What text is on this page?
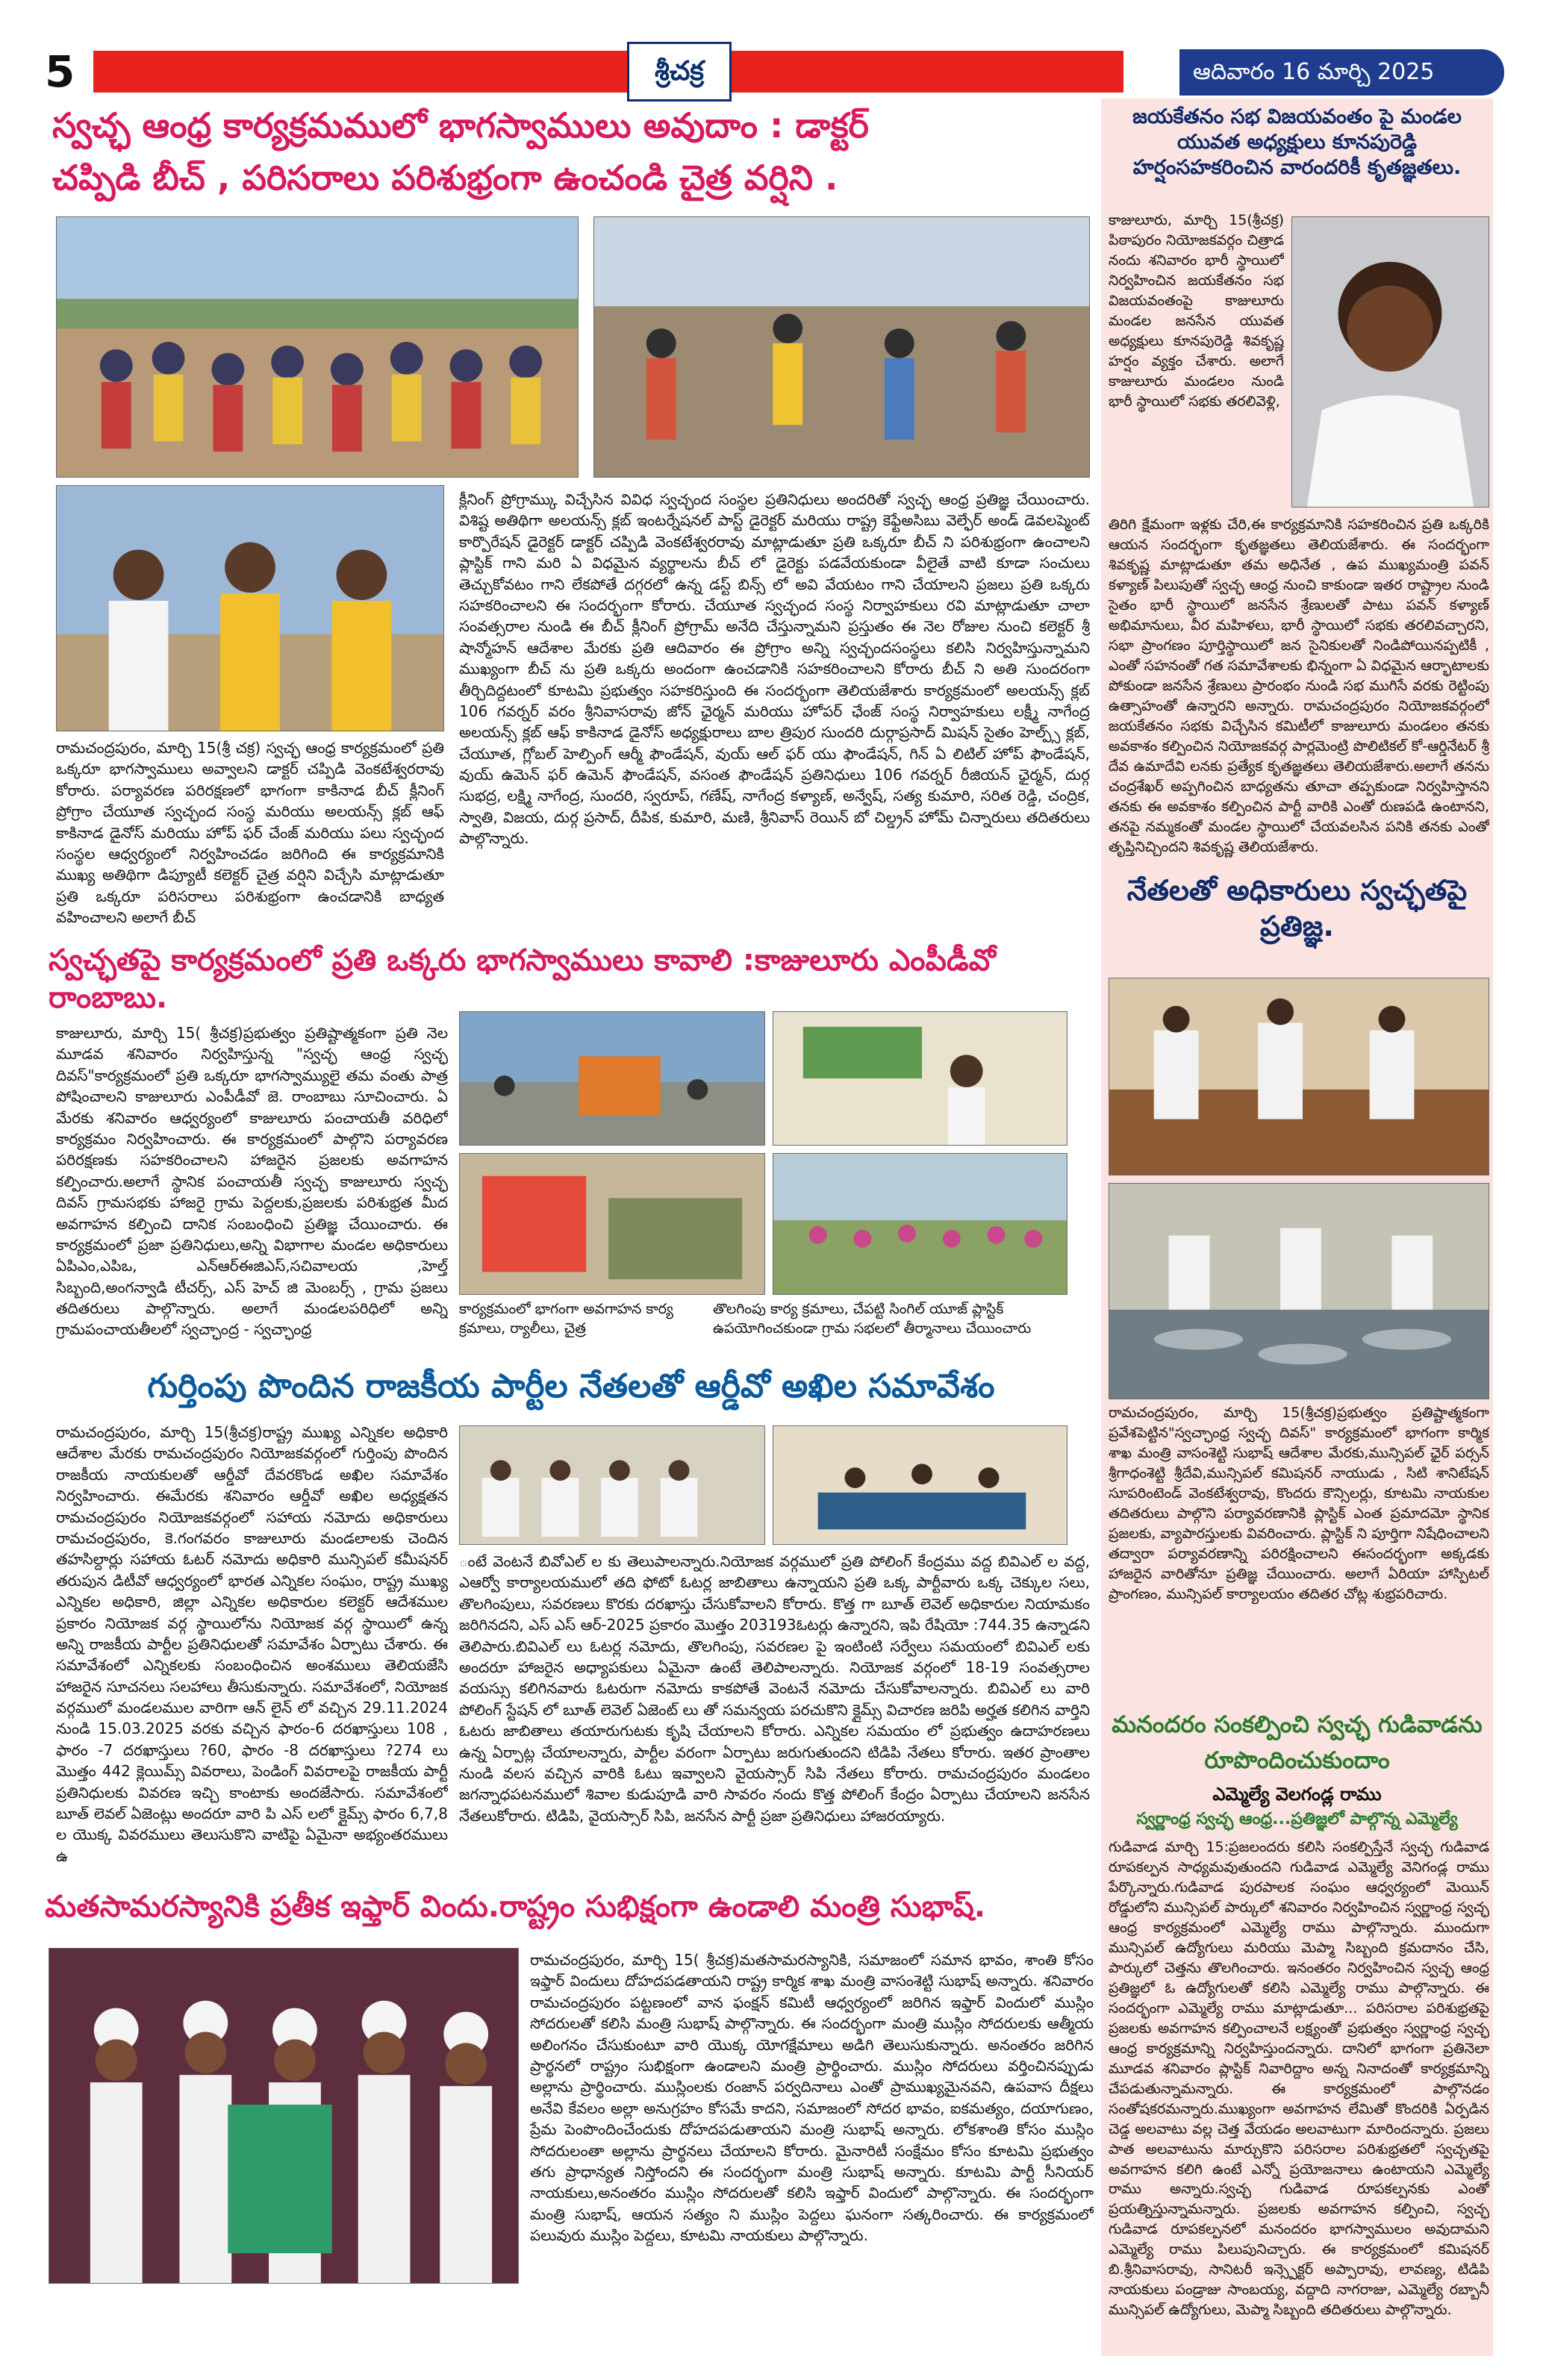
5	శ్రీచక్ర	ఆదివారం 16 మార్చి 2025
స్వచ్ఛ ఆంధ్ర కార్యక్రమములో భాగస్వాములు అవుదాం : డాక్టర్
చప్పిడి బీచ్ , పరిసరాలు పరిశుభ్రంగా ఉంచండి చైత్ర వర్షిని .
రామచంద్రపురం, మార్చి 15(శ్రీ చక్ర) స్వచ్ఛ ఆంధ్ర కార్యక్రమంలో ప్రతి ఒక్కరూ భాగస్వాములు అవ్వాలని డాక్టర్ చప్పిడి వెంకటేశ్వరరావు కోరారు. పర్యావరణ పరిరక్షణలో భాగంగా కాకినాడ బీచ్ క్లీనింగ్ ప్రోగ్రాం చేయూత స్వచ్ఛంద సంస్థ మరియు అలయన్స్ క్లబ్ ఆఫ్ కాకినాడ డైనోస్ మరియు హోప్ ఫర్ చేంజ్ మరియు పలు స్వచ్ఛంద సంస్థల ఆధ్వర్యంలో నిర్వహించడం జరిగింది ఈ కార్యక్రమానికి ముఖ్య అతిథిగా డిప్యూటీ కలెక్టర్ చైత్ర వర్షిని విచ్చేసి మాట్లాడుతూ ప్రతి ఒక్కరూ పరిసరాలు పరిశుభ్రంగా ఉంచడానికి బాధ్యత వహించాలని అలాగే బీచ్
క్లీనింగ్ ప్రోగ్రామ్కు విచ్చేసిన వివిధ స్వచ్ఛంద సంస్థల ప్రతినిధులు అందరితో స్వచ్ఛ ఆంధ్ర ప్రతిజ్ఞ చేయించారు. విశిష్ట అతిథిగా అలయన్స్ క్లబ్ ఇంటర్నేషనల్ పాస్ట్ డైరెక్టర్ మరియు రాష్ట్ర కెఫ్టేఅసిబు వెల్ఫేర్ అండ్ డెవలప్మెంట్ కార్పొరేషన్ డైరెక్టర్ డాక్టర్ చప్పిడి వెంకటేశ్వరరావు మాట్లాడుతూ ప్రతి ఒక్కరూ బీచ్ ని పరిశుభ్రంగా ఉంచాలని ప్లాస్టిక్ గాని మరి ఏ విధమైన వ్యర్థాలను బీచ్ లో డైరెక్టు పడవేయకుండా వీలైతే వాటి కూడా సంచులు తెచ్చుకోవటం గాని లేకపోతే దగ్గరలో ఉన్న డస్ట్ బిన్స్ లో అవి వేయటం గాని చేయాలని ప్రజలు ప్రతి ఒక్కరు సహకరించాలని ఈ సందర్భంగా కోరారు. చేయూత స్వచ్ఛంద సంస్థ నిర్వాహకులు రవి మాట్లాడుతూ చాలా సంవత్సరాల నుండి ఈ బీచ్ క్లీనింగ్ ప్రోగ్రామ్ అనేది చేస్తున్నామని ప్రస్తుతం ఈ నెల రోజుల నుంచి కలెక్టర్ శ్రీ షాన్మోహన్ ఆదేశాల మేరకు ప్రతి ఆదివారం ఈ ప్రోగ్రాం అన్ని స్వచ్ఛందసంస్థలు కలిసి నిర్వహిస్తున్నామని ముఖ్యంగా బీచ్ ను ప్రతి ఒక్కరు అందంగా ఉంచడానికి సహకరించాలని కోరారు బీచ్ ని అతి సుందరంగా తీర్చిదిద్దటంలో కూటమి ప్రభుత్వం సహకరిస్తుంది ఈ సందర్భంగా తెలియజేశారు కార్యక్రమంలో అలయన్స్ క్లబ్ 106 గవర్నర్ వరం శ్రీనివాసరావు జోన్ ఛైర్మన్ మరియు హోపర్ ఛేంజ్ సంస్థ నిర్వాహకులు లక్ష్మీ నాగేంద్ర అలయన్స్ క్లబ్ ఆఫ్ కాకినాడ డైనోస్ అధ్యక్షురాలు బాల త్రిపుర సుందరి దుర్గాప్రసాద్ మిషన్ సైతం హెల్ప్స్ క్లబ్, చేయూత, గ్లోబల్ హెల్పింగ్ ఆర్మీ ఫౌండేషన్, వుయ్ ఆల్ ఫర్ యు ఫౌండేషన్, గిన్ ఏ లిటిల్ హోప్ ఫౌండేషన్, వుయ్ ఉమెన్ ఫర్ ఉమెన్ ఫౌండేషన్, వసంత ఫౌండేషన్ ప్రతినిధులు 106 గవర్నర్ రీజియన్ ఛైర్మన్, దుర్గ సుభద్ర, లక్ష్మి నాగేంద్ర, సుందరి, స్వరూప్, గణేష్, నాగేంద్ర కళ్యాణ్, అన్వేష్, సత్య కుమారి, సరిత రెడ్డి, చంద్రిక, స్వాతి, విజయ, దుర్గ ప్రసాద్, దీపిక, కుమారి, మణి, శ్రీనివాస్ రెయిన్ బో చిల్డ్రన్ హోమ్ చిన్నారులు తదితరులు పాల్గొన్నారు.
స్వచ్ఛతపై కార్యక్రమంలో ప్రతి ఒక్కరు భాగస్వాములు కావాలి :కాజులూరు ఎంపీడీవో రాంబాబు.
కాజులూరు, మార్చి 15( శ్రీచక్ర)ప్రభుత్వం ప్రతిష్టాత్మకంగా ప్రతి నెల మూడవ శనివారం నిర్వహిస్తున్న "స్వచ్ఛ ఆంధ్ర స్వచ్ఛ దివస్"కార్యక్రమంలో ప్రతి ఒక్కరూ భాగస్వామ్యులై తమ వంతు పాత్ర పోషించాలని కాజులూరు ఎంపీడీవో జె. రాంబాబు సూచించారు. ఏ మేరకు శనివారం ఆధ్వర్యంలో కాజులూరు పంచాయతీ వరిధిలో కార్యక్రమం నిర్వహించారు. ఈ కార్యక్రమంలో పాల్గొని పర్యావరణ పరిరక్షణకు సహకరించాలని హాజరైన ప్రజలకు అవగాహన కల్పించారు.అలాగే స్థానిక పంచాయతీ స్వచ్ఛ కాజులూరు స్వచ్ఛ దివస్ గ్రామసభకు హాజరై గ్రామ పెద్దలకు,ప్రజలకు పరిశుభ్రత మీద అవగాహన కల్పించి దానిక సంబంధించి ప్రతిజ్ఞ చేయించారు. ఈ కార్యక్రమంలో ప్రజా ప్రతినిధులు,అన్ని విభాగాల మండల అధికారులు ఏపిఎం,ఎపిఒ, ఎన్ఆర్ఈజిఎస్,సచివాలయ ,హెల్త్ సిబ్బంది,అంగన్వాడి టీచర్స్, ఎస్ హెచ్ జి మెంబర్స్ , గ్రామ ప్రజలు తదితరులు పాల్గొన్నారు. అలాగే మండలపరిధిలో అన్ని గ్రామపంచాయతీలలో స్వచ్ఛాంద్ర - స్వచ్ఛాంధ్ర
కార్యక్రమంలో భాగంగా అవగాహన కార్య క్రమాలు, ర్యాలీలు, చైత్ర
తొలగింపు కార్య క్రమాలు, చేపట్టి సింగిల్ యూజ్ ప్లాస్టిక్ ఉపయోగించకుండా గ్రామ సభలలో తీర్మానాలు చేయించారు
గుర్తింపు పొందిన రాజకీయ పార్టీల నేతలతో ఆర్డీవో అఖిల సమావేశం
రామచంద్రపురం, మార్చి 15(శ్రీచక్ర)రాష్ట్ర ముఖ్య ఎన్నికల అధికారి ఆదేశాల మేరకు రామచంద్రపురం నియోజకవర్గంలో గుర్తింపు పొందిన రాజకీయ నాయకులతో ఆర్డీవో దేవరకొండ అఖిల సమావేశం నిర్వహించారు. ఈమేరకు శనివారం ఆర్డీవో అఖిల అధ్యక్షతన రామచంద్రపురం నియోజకవర్గంలో సహాయ నమోదు అధికారులు రామచంద్రపురం, కె.గంగవరం కాజులూరు మండలాలకు చెందిన తహసిల్దార్లు సహాయ ఓటర్ నమోదు అధికారి మున్సిపల్ కమీషనర్ తరుపున డిటీవో ఆధ్వర్యంలో భారత ఎన్నికల సంఘం, రాష్ట్ర ముఖ్య ఎన్నికల అధికారి, జిల్లా ఎన్నికల అధికారుల కలెక్టర్ ఆదేశముల ప్రకారం నియోజక వర్గ స్థాయిలోను నియోజక వర్గ స్థాయిలో ఉన్న అన్ని రాజకీయ పార్టీల ప్రతినిధులతో సమావేశం ఏర్పాటు చేశారు. ఈ సమావేశంలో ఎన్నికలకు సంబంధించిన అంశములు తెలియజేసి హాజరైన సూచనలు సలహాలు తీసుకున్నారు. సమావేశంలో, నియోజక వర్గములో మండలముల వారిగా ఆన్ లైన్ లో వచ్చిన 29.11.2024 నుండి 15.03.2025 వరకు వచ్చిన ఫారం-6 దరఖాస్తులు 108 , ఫారం -7 దరఖాస్తులు ?60, ఫారం -8 దరఖాస్తులు ?274 లు మొత్తం 442 క్లెయిమ్స్ వివరాలు, పెండింగ్ వివరాలపై రాజకీయ పార్టీ ప్రతినిధులకు వివరణ ఇచ్చి కాంటాకు అందజేసారు. సమావేశంలో బూత్ లెవల్ ఏజెంట్లు అందరూ వారి పి ఎస్ లలో క్లైమ్స్ ఫారం 6,7,8 ల యొక్క వివరములు తెలుసుకొని వాటిపై ఏమైనా అభ్యంతరములు ఉ
ంటే వెంటనే బివోఎల్ ల కు తెలుపాలన్నారు.నియోజక వర్గములో ప్రతి పోలింగ్ కేంద్రము వద్ద బివిఎల్ ల వద్ద, ఎఆర్వో కార్యాలయములో తది ఫోటో ఓటర్ల జాబితాలు ఉన్నాయని ప్రతి ఒక్క పార్టీవారు ఒక్క చెక్కుల సలు, తొలగింపులు, సవరణలు కొరకు దరఖాస్తు చేసుకోవాలని కోరారు. కొత్త గా బూత్ లెవెల్ అధికారుల నియామకం జరిగినదని, ఎస్ ఎస్ ఆర్-2025 ప్రకారం మొత్తం 203193ఓటర్లు ఉన్నారని, ఇపి రేషియో :744.35 ఉన్నాడని తెలిపారు.బివిఎల్ లు ఓటర్ల నమోదు, తొలగింపు, సవరణల పై ఇంటింటి సర్వేలు సమయంలో బివిఎల్ లకు అందరూ హాజరైన అధ్యాపకులు ఏమైనా ఉంటే తెలిపాలన్నారు. నియోజక వర్గంలో 18-19 సంవత్సరాల వయస్సు కలిగినవారు ఓటరుగా నమోదు కాకపోతే వెంటనే నమోదు చేసుకోవాలన్నారు. బివిఎల్ లు వారి పోలింగ్ స్టేషన్ లో బూత్ లెవెల్ ఏజెంట్ లు తో సమన్వయ పరచుకొని క్లైమ్స్ విచారణ జరిపి అర్హత కలిగిన వార్తిని ఓటరు జాబితాలు తయారుగుటకు కృషి చేయాలని కోరారు. ఎన్నికల సమయం లో ప్రభుత్వం ఉదాహరణలు ఉన్న ఏర్పాట్ల చేయాలన్నారు, పార్టీల వరంగా ఏర్పాటు జరుగుతుందని టిడిపి నేతలు కోరారు. ఇతర ప్రాంతాల నుండి వలస వచ్చిన వారికి ఓటు ఇవ్వాలని వైయస్సార్ సిపి నేతలు కోరారు. రామచంద్రపురం మండలం జగన్నాధపటనములో శివాల కుడుపూడి వారి సావరం నందు కొత్త పోలింగ్ కేంద్రం ఏర్పాటు చేయాలని జనసేన నేతలుకోరారు. టిడిపి, వైయస్సార్ సిపి, జనసేన పార్టీ ప్రజా ప్రతినిధులు హాజరయ్యారు.
మతసామరస్యానికి ప్రతీక ఇఫ్తార్ విందు.రాష్ట్రం సుభిక్షంగా ఉండాలి మంత్రి సుభాష్.
రామచంద్రపురం, మార్చి 15( శ్రీచక్ర)మతసామరస్యానికి, సమాజంలో సమాన భావం, శాంతి కోసం ఇఫ్తార్ విందులు దోహదపడతాయని రాష్ట్ర కార్మిక శాఖ మంత్రి వాసంశెట్టి సుభాష్ అన్నారు. శనివారం రామచంద్రపురం పట్టణంలో వాన ఫంక్షన్ కమిటీ ఆధ్వర్యంలో జరిగిన ఇఫ్తార్ విందులో ముస్లిం సోదరులతో కలిసి మంత్రి సుభాష్ పాల్గొన్నారు. ఈ సందర్భంగా మంత్రి ముస్లిం సోదరులకు ఆత్మీయ అలింగనం చేసుకుంటూ వారి యొక్క యోగక్షేమాలు అడిగి తెలుసుకున్నారు. అనంతరం జరిగిన ప్రార్థనలో రాష్ట్రం సుభిక్షంగా ఉండాలని మంత్రి ప్రార్థించారు. ముస్లిం సోదరులు వర్తించినప్పుడు అల్లాను ప్రార్థించారు. ముస్లింలకు రంజాన్ పర్వదినాలు ఎంతో ప్రాముఖ్యమైనవని, ఉపవాస దీక్షలు అనేవి కేవలం అల్లా అనుగ్రహం కోసమే కాదని, సమాజంలో సోదర భావం, ఐకమత్యం, దయాగుణం, ప్రేమ పెంపొందించేందుకు దోహదపడుతాయని మంత్రి సుభాష్ అన్నారు. లోకశాంతి కోసం ముస్లిం సోదరులంతా అల్లాను ప్రార్థనలు చేయాలని కోరారు. మైనారిటీ సంక్షేమం కోసం కూటమి ప్రభుత్వం తగు ప్రాధాన్యత నిస్తోందని ఈ సందర్భంగా మంత్రి సుభాష్ అన్నారు. కూటమి పార్టీ సీనియర్ నాయకులు,అనంతరం ముస్లిం సోదరులతో కలిసి ఇఫ్తార్ విందులో పాల్గొన్నారు. ఈ సందర్భంగా మంత్రి సుభాష్, ఆయన సత్యం ని ముస్లిం పెద్దలు ఘనంగా సత్కరించారు. ఈ కార్యక్రమంలో పలువురు ముస్లిం పెద్దలు, కూటమి నాయకులు పాల్గొన్నారు.
జయకేతనం సభ విజయవంతం పై మండల యువత అధ్యక్షులు కూనపురెడ్డి హర్షంసహకరించిన వారందరికీ కృతజ్ఞతలు.
కాజులూరు, మార్చి 15(శ్రీచక్ర) పిఠాపురం నియోజకవర్గం చిత్రాడ నందు శనివారం భారీ స్థాయిలో నిర్వహించిన జయకేతనం సభ విజయవంతంపై కాజులూరు మండల జనసేన యువత అధ్యక్షులు కూనపురెడ్డి శివకృష్ణ హర్షం వ్యక్తం చేశారు. అలాగే కాజులూరు మండలం నుండి భారీ స్థాయిలో సభకు తరలివెళ్లి,
తిరిగి క్షేమంగా ఇళ్లకు చేరి,ఈ కార్యక్రమానికి సహకరించిన ప్రతి ఒక్కరికి ఆయన సందర్భంగా కృతజ్ఞతలు తెలియజేశారు. ఈ సందర్భంగా శివకృష్ణ మాట్లాడుతూ తమ అధినేత , ఉప ముఖ్యమంత్రి పవన్ కళ్యాణ్ పిలుపుతో స్వచ్ఛ ఆంధ్ర నుంచి కాకుండా ఇతర రాష్ట్రాల నుండి సైతం భారీ స్థాయిలో జనసేన శ్రేణులతో పాటు పవన్ కళ్యాణ్ అభిమానులు, వీర మహిళలు, భారీ స్థాయిలో సభకు తరలివచ్చారని, సభా ప్రాంగణం పూర్తిస్థాయిలో జన సైనికులతో నిండిపోయినప్పటికీ , ఎంతో సహనంతో గత సమావేశాలకు భిన్నంగా ఏ విధమైన ఆర్భాటాలకు పోకుండా జనసేన శ్రేణులు ప్రారంభం నుండి సభ ముగిసే వరకు రెట్టింపు ఉత్సాహంతో ఉన్నారని అన్నారు. రామచంద్రపురం నియోజకవర్గంలో జయకేతనం సభకు విచ్చేసిన కమిటీలో కాజులూరు మండలం తనకు అవకాశం కల్పించిన నియోజకవర్గ పార్లమెంట్రి పొలిటికల్ కో-ఆర్డినేటర్ శ్రీ దేవ ఉమాదేవి లనకు ప్రత్యేక కృతజ్ఞతలు తెలియజేశారు.అలాగే తనను చంద్రశేఖర్ అప్పగించిన బాధ్యతను తూచా తప్పకుండా నిర్వహిస్తానని తనకు ఈ అవకాశం కల్పించిన పార్టీ వారికి ఎంతో రుణపడి ఉంటానని, తనపై నమ్మకంతో మండల స్థాయిలో చేయవలసిన పనికి తనకు ఎంతో తృప్తినిచ్చిందని శివకృష్ణ తెలియజేశారు.
నేతలతో అధికారులు స్వచ్ఛతపై ప్రతిజ్ఞ.
రామచంద్రపురం, మార్చి 15(శ్రీచక్ర)ప్రభుత్వం ప్రతిష్టాత్మకంగా ప్రవేశపెట్టిన"స్వచ్ఛాంధ్ర స్వచ్ఛ దివస్" కార్యక్రమంలో భాగంగా కార్మిక శాఖ మంత్రి వాసంశెట్టి సుభాష్ ఆదేశాల మేరకు,మున్సిపల్ ఛైర్ పర్సన్ శ్రీగాధంశెట్టి శ్రీదేవి,మున్సిపల్ కమిషనర్ నాయుడు , సిటి శానిటేషన్ సూపరింటెండ్ వెంకటేశ్వరావు, కొందరు కౌన్సిలర్లు, కూటమి నాయకుల తదితరులు పాల్గొని పర్యావరణానికి ప్లాస్టిక్ ఎంత ప్రమాదమో స్థానిక ప్రజలకు, వ్యాపారస్తులకు వివరించారు. ప్లాస్టిక్ ని పూర్తిగా నిషేధించాలని తద్వారా పర్యావరణాన్ని పరిరక్షించాలని ఈసందర్భంగా అక్కడకు హాజరైన వారితోనూ ప్రతిజ్ఞ చేయించారు. అలాగే ఏరియా హాస్పిటల్ ప్రాంగణం, మున్సిపల్ కార్యాలయం తదితర చోట్ల శుభ్రపరిచారు.
మనందరం సంకల్పించి స్వచ్ఛ గుడివాడను
రూపొందించుకుందాం
ఎమ్మెల్యే వెలగండ్ల రాము
స్వర్ణాంధ్ర స్వచ్ఛ ఆంధ్ర...ప్రతిజ్ఞలో పాల్గొన్న ఎమ్మెల్యే
గుడివాడ మార్చి 15:ప్రజలందరు కలిసి సంకల్పిస్తేనే స్వచ్ఛ గుడివాడ రూపకల్పన సాధ్యమవుతుందని గుడివాడ ఎమ్మెల్యే వెనిగండ్ల రాము పేర్కొన్నారు.గుడివాడ పురపాలక సంఘం ఆధ్వర్యంలో మెయిన్ రోడ్డులోని మున్సిపల్ పార్కులో శనివారం నిర్వహించిన స్వర్ణాంధ్ర స్వచ్ఛ ఆంధ్ర కార్యక్రమంలో ఎమ్మెల్యే రాము పాల్గొన్నారు. ముందుగా మున్సిపల్ ఉద్యోగులు మరియు మెప్మా సిబ్బంది క్రమదానం చేసి, పార్కులో చెత్తను తొలగించారు. ఇనంతరం నిర్వహించిన స్వచ్ఛ ఆంధ్ర ప్రతిజ్ఞలో ఓ ఉద్యోగులతో కలిసి ఎమ్మెల్యే రాము పాల్గొన్నారు. ఈ సందర్భంగా ఎమ్మెల్యే రాము మాట్లాడుతూ... పరిసరాల పరిశుభ్రతపై ప్రజలకు అవగాహన కల్పించాలనే లక్ష్యంతో ప్రభుత్వం స్వర్ణాంధ్ర స్వచ్ఛ ఆంధ్ర కార్యక్రమాన్ని నిర్వహిస్తుందన్నారు. దానిలో భాగంగా ప్రతినెలా మూడవ శనివారం ప్లాస్టిక్ నివారిద్దాం అన్న నినాదంతో కార్యక్రమాన్ని చేపడుతున్నామన్నారు. ఈ కార్యక్రమంలో పాల్గొనడం సంతోషకరమన్నారు.ముఖ్యంగా అవగాహన లేమితో కొందరికి ఏర్పడిన చెడ్డ అలవాటు వల్ల చెత్త వేయడం అలవాటుగా మారిందన్నారు. ప్రజలు పాత అలవాటును మార్చుకొని పరిసరాల పరిశుభ్రతలో స్వచ్ఛతపై అవగాహన కలిగి ఉంటే ఎన్నో ప్రయోజనాలు ఉంటాయని ఎమ్మెల్యే రాము అన్నారు.స్వచ్ఛ గుడివాడ రూపకల్పనకు ఎంతో ప్రయత్నిస్తున్నామన్నారు. ప్రజలకు అవగాహన కల్పించి, స్వచ్ఛ గుడివాడ రూపకల్పనలో మనందరం భాగస్వాములం అవుదామని ఎమ్మెల్యే రాము పిలుపునిచ్చారు. ఈ కార్యక్రమంలో కమిషనర్ బి.శ్రీనివాసరావు, సానిటరీ ఇన్స్పెక్టర్ అప్పారావు, లావణ్య, టిడిపి నాయకులు పండ్రాజు సాంబయ్య, వద్దాది నాగరాజు, ఎమ్మెల్యే రబ్బానీ మున్సిపల్ ఉద్యోగులు, మెప్మా సిబ్బంది తదితరులు పాల్గొన్నారు.
